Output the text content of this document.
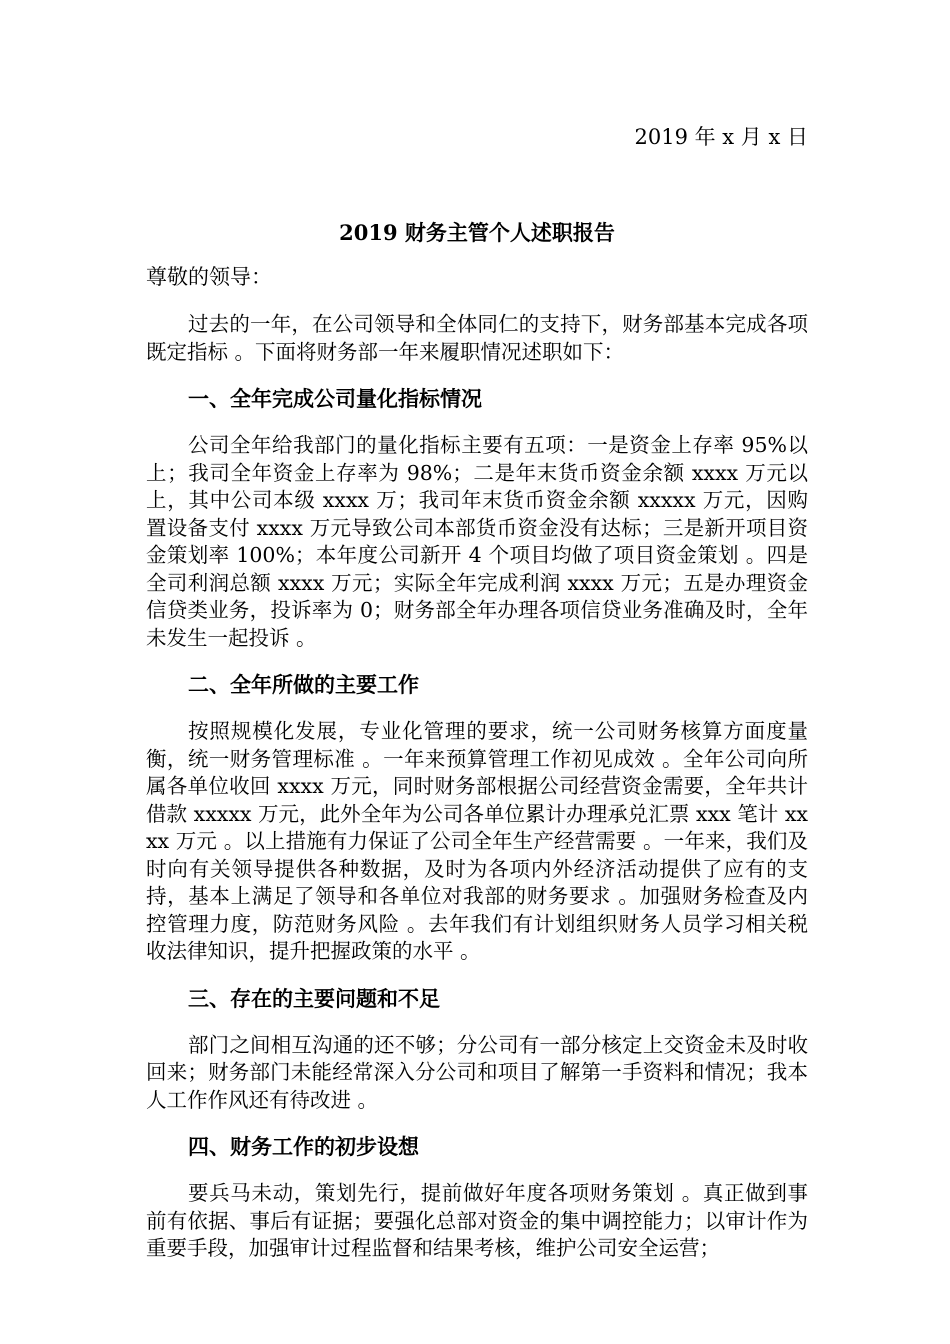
2019 年 x 月 x 日
2019 财务主管个人述职报告
尊敬的领导：

过去的一年，在公司领导和全体同仁的支持下，财务部基本完成各项既定指标 。下面将财务部一年来履职情况述职如下：

一、全年完成公司量化指标情况

公司全年给我部门的量化指标主要有五项：一是资金上存率 95%以上；我司全年资金上存率为 98%；二是年末货币资金余额 xxxx 万元以上，其中公司本级 xxxx 万；我司年末货币资金余额 xxxxx 万元，因购置设备支付 xxxx 万元导致公司本部货币资金没有达标；三是新开项目资金策划率 100%；本年度公司新开 4 个项目均做了项目资金策划 。四是全司利润总额 xxxx 万元；实际全年完成利润 xxxx 万元；五是办理资金信贷类业务，投诉率为 0；财务部全年办理各项信贷业务准确及时，全年未发生一起投诉 。

二、全年所做的主要工作

按照规模化发展，专业化管理的要求，统一公司财务核算方面度量衡，统一财务管理标准 。一年来预算管理工作初见成效 。全年公司向所属各单位收回 xxxx 万元，同时财务部根据公司经营资金需要，全年共计借款 xxxxx 万元，此外全年为公司各单位累计办理承兑汇票 xxx 笔计 xxxx 万元 。以上措施有力保证了公司全年生产经营需要 。一年来，我们及时向有关领导提供各种数据，及时为各项内外经济活动提供了应有的支持，基本上满足了领导和各单位对我部的财务要求 。加强财务检查及内控管理力度，防范财务风险 。去年我们有计划组织财务人员学习相关税收法律知识，提升把握政策的水平 。

三、存在的主要问题和不足

部门之间相互沟通的还不够；分公司有一部分核定上交资金未及时收回来；财务部门未能经常深入分公司和项目了解第一手资料和情况；我本人工作作风还有待改进 。

四、财务工作的初步设想

要兵马未动，策划先行，提前做好年度各项财务策划 。真正做到事前有依据、事后有证据；要强化总部对资金的集中调控能力；以审计作为重要手段，加强审计过程监督和结果考核，维护公司安全运营；
